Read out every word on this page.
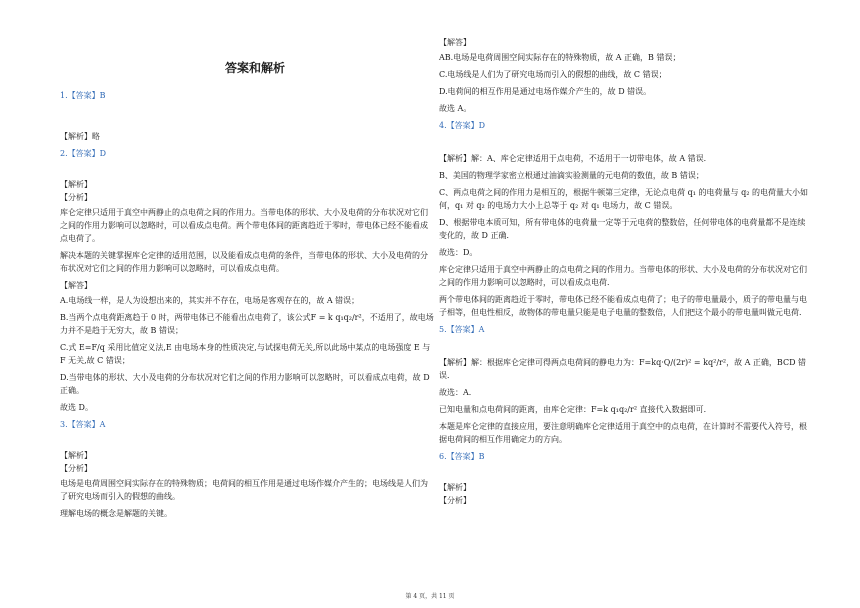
答案和解析
1.【答案】B
【解析】略
2.【答案】D
【解析】
【分析】
库仑定律只适用于真空中两静止的点电荷之间的作用力。当带电体的形状、大小及电荷的分布状况对它们之间的作用力影响可以忽略时，可以看成点电荷。两个带电体间的距离趋近于零时，带电体已经不能看成点电荷了。
解决本题的关键掌握库仑定律的适用范围，以及能看成点电荷的条件，当带电体的形状、大小及电荷的分布状况对它们之间的作用力影响可以忽略时，可以看成点电荷。
【解答】
A.电场线一样，是人为设想出来的，其实并不存在，电场是客观存在的，故 A 错误；
B.当两个点电荷距离趋于 0 时，两带电体已不能看出点电荷了，该公式F = k q₁q₂/r²，不适用了，故电场力并不是趋于无穷大，故 B 错误；
C.式 E=F/q 采用比值定义法,E 由电场本身的性质决定,与试探电荷无关,所以此场中某点的电场强度 E 与 F 无关,故 C 错误；
D.当带电体的形状、大小及电荷的分布状况对它们之间的作用力影响可以忽略时，可以看成点电荷，故 D 正确。
故选 D。
3.【答案】A
【解析】
【分析】
电场是电荷周围空间实际存在的特殊物质；电荷间的相互作用是通过电场作媒介产生的；电场线是人们为了研究电场而引入的假想的曲线。
理解电场的概念是解题的关键。
【解答】
AB.电场是电荷周围空间实际存在的特殊物质，故 A 正确，B 错误；
C.电场线是人们为了研究电场而引入的假想的曲线，故 C 错误；
D.电荷间的相互作用是通过电场作媒介产生的，故 D 错误。
故选 A。
4.【答案】D
【解析】解：A、库仑定律适用于点电荷，不适用于一切带电体，故 A 错误．
B、美国的物理学家密立根通过油滴实验测量的元电荷的数值，故 B 错误；
C、两点电荷之间的作用力是相互的，根据牛顿第三定律，无论点电荷 q₁ 的电荷量与 q₂ 的电荷量大小如何，q₁ 对 q₂ 的电场力大小上总等于 q₂ 对 q₁ 电场力，故 C 错误。
D、根据带电本质可知，所有带电体的电荷量一定等于元电荷的整数倍，任何带电体的电荷量都不是连续变化的，故 D 正确．
故选：D。
库仑定律只适用于真空中两静止的点电荷之间的作用力。当带电体的形状、大小及电荷的分布状况对它们之间的作用力影响可以忽略时，可以看成点电荷．
两个带电体间的距离趋近于零时，带电体已经不能看成点电荷了；电子的带电量最小，质子的带电量与电子相等，但电性相反，故物体的带电量只能是电子电量的整数倍，人们把这个最小的带电量叫做元电荷．
5.【答案】A
【解析】解：根据库仑定律可得两点电荷间的静电力为：F=kq·Q/(2r)² = kq²/r²，故 A 正确，BCD 错误．
故选：A．
已知电量和点电荷间的距离，由库仑定律：F=k q₁q₂/r² 直接代入数据即可．
本题是库仑定律的直接应用，要注意明确库仑定律适用于真空中的点电荷，在计算时不需要代入符号，根据电荷间的相互作用确定力的方向。
6.【答案】B
【解析】
【分析】
第 4 页，共 11 页
